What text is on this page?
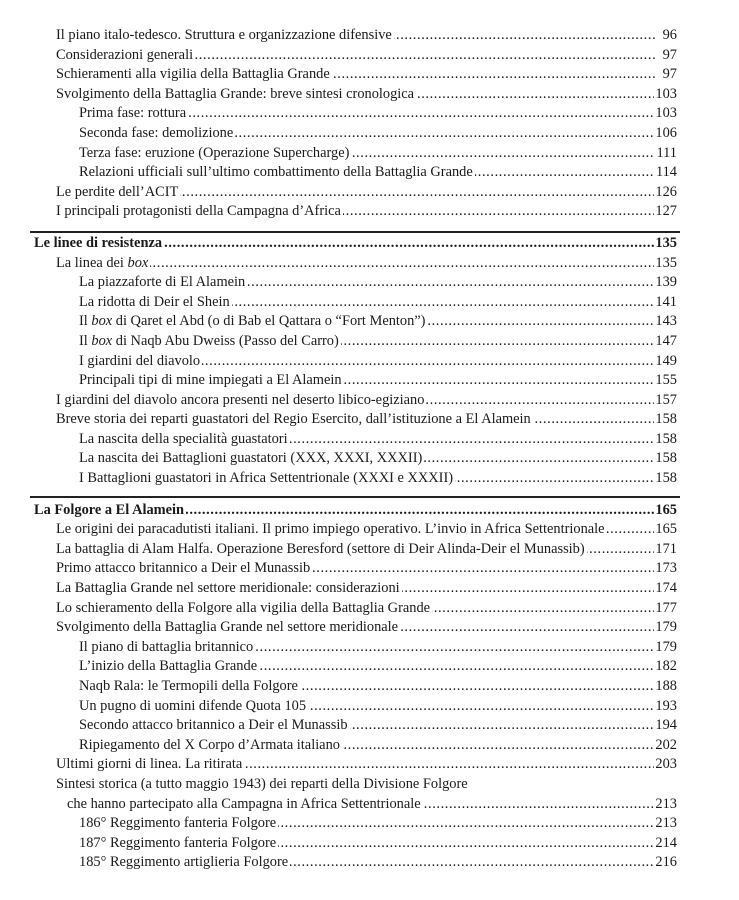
.....
Il piano italo-tedesco. Struttura e organizzazione difensive	96
.....
Considerazioni generali	97
.....
Schieramenti alla vigilia della Battaglia Grande	97
.....
Svolgimento della Battaglia Grande: breve sintesi cronologica	103
.....
Prima fase: rottura	103
.....
Seconda fase: demolizione	106
.....
Terza fase: eruzione (Operazione Supercharge)	111
.....
Relazioni ufficiali sull’ultimo combattimento della Battaglia Grande	114
.....
Le perdite dell’ACIT	126
.....
I principali protagonisti della Campagna d’Africa	127
.....
Le linee di resistenza	135
.....
La linea dei box	135
.....
La piazzaforte di El Alamein	139
.....
La ridotta di Deir el Shein	141
.....
Il box di Qaret el Abd (o di Bab el Qattara o “Fort Menton”)	143
.....
Il box di Naqb Abu Dweiss (Passo del Carro)	147
.....
I giardini del diavolo	149
.....
Principali tipi di mine impiegati a El Alamein	155
.....
I giardini del diavolo ancora presenti nel deserto libico-egiziano	157
.....
Breve storia dei reparti guastatori del Regio Esercito, dall’istituzione a El Alamein	158
.....
La nascita della specialità guastatori	158
.....
La nascita dei Battaglioni guastatori (XXX, XXXI, XXXII)	158
.....
I Battaglioni guastatori in Africa Settentrionale (XXXI e XXXII)	158
.....
La Folgore a El Alamein	165
.....
Le origini dei paracadutisti italiani. Il primo impiego operativo. L’invio in Africa Settentrionale	165
.....
La battaglia di Alam Halfa. Operazione Beresford (settore di Deir Alinda-Deir el Munassib)	171
.....
Primo attacco britannico a Deir el Munassib	173
.....
La Battaglia Grande nel settore meridionale: considerazioni	174
.....
Lo schieramento della Folgore alla vigilia della Battaglia Grande	177
.....
Svolgimento della Battaglia Grande nel settore meridionale	179
.....
Il piano di battaglia britannico	179
.....
L’inizio della Battaglia Grande	182
.....
Naqb Rala: le Termopili della Folgore	188
.....
Un pugno di uomini difende Quota 105	193
.....
Secondo attacco britannico a Deir el Munassib	194
.....
Ripiegamento del X Corpo d’Armata italiano	202
.....
Ultimi giorni di linea. La ritirata	203
Sintesi storica (a tutto maggio 1943) dei reparti della Divisione Folgore
.....
che hanno partecipato alla Campagna in Africa Settentrionale	213
.....
186° Reggimento fanteria Folgore	213
.....
187° Reggimento fanteria Folgore	214
.....
185° Reggimento artiglieria Folgore	216
